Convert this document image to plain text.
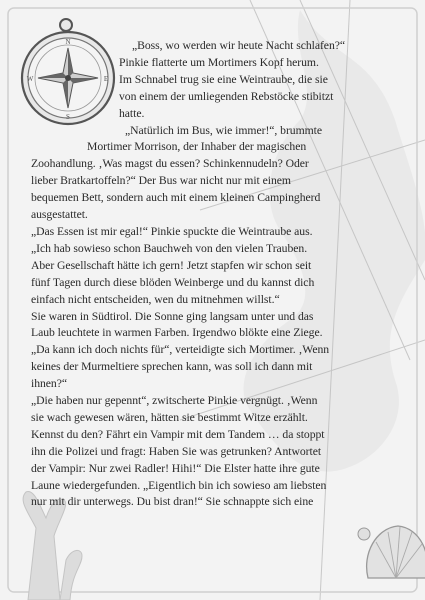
N
S
E
W

„Boss, wo werden wir heute Nacht schlafen?“
Pinkie flatterte um Mortimers Kopf herum.
Im Schnabel trug sie eine Weintraube, die sie
von einem der umliegenden Rebstöcke stibitzt
hatte.

„Natürlich im Bus, wie immer!“, brummte
Mortimer Morrison, der Inhaber der magischen
Zoohandlung. ‚Was magst du essen? Schinkennudeln? Oder
lieber Bratkartoffeln?“ Der Bus war nicht nur mit einem
bequemen Bett, sondern auch mit einem kleinen Campingherd
ausgestattet.

„Das Essen ist mir egal!“ Pinkie spuckte die Weintraube aus.
„Ich hab sowieso schon Bauchweh von den vielen Trauben.
Aber Gesellschaft hätte ich gern! Jetzt stapfen wir schon seit
fünf Tagen durch diese blöden Weinberge und du kannst dich
einfach nicht entscheiden, wen du mitnehmen willst.“

Sie waren in Südtirol. Die Sonne ging langsam unter und das
Laub leuchtete in warmen Farben. Irgendwo blökte eine Ziege.
„Da kann ich doch nichts für“, verteidigte sich Mortimer. ‚Wenn
keines der Murmeltiere sprechen kann, was soll ich dann mit
ihnen?“

„Die haben nur gepennt“, zwitscherte Pinkie vergnügt. ‚Wenn
sie wach gewesen wären, hätten sie bestimmt Witze erzählt.
Kennst du den? Fährt ein Vampir mit dem Tandem … da stoppt
ihn die Polizei und fragt: Haben Sie was getrunken? Antwortet
der Vampir: Nur zwei Radler! Hihi!“ Die Elster hatte ihre gute
Laune wiedergefunden. „Eigentlich bin ich sowieso am liebsten
nur mit dir unterwegs. Du bist dran!“ Sie schnappte sich eine
